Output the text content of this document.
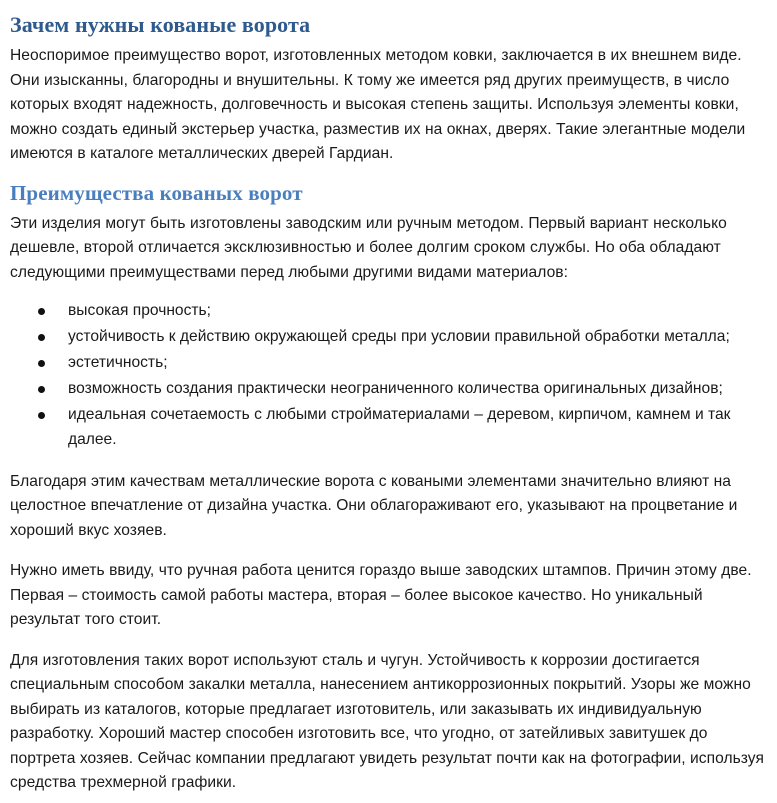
Зачем нужны кованые ворота

Неоспоримое преимущество ворот, изготовленных методом ковки, заключается в их внешнем виде. Они изысканны, благородны и внушительны. К тому же имеется ряд других преимуществ, в число которых входят надежность, долговечность и высокая степень защиты. Используя элементы ковки, можно создать единый экстерьер участка, разместив их на окнах, дверях. Такие элегантные модели имеются в каталоге металлических дверей Гардиан.

Преимущества кованых ворот

Эти изделия могут быть изготовлены заводским или ручным методом. Первый вариант несколько дешевле, второй отличается эксклюзивностью и более долгим сроком службы. Но оба обладают следующими преимуществами перед любыми другими видами материалов:

высокая прочность;
устойчивость к действию окружающей среды при условии правильной обработки металла;
эстетичность;
возможность создания практически неограниченного количества оригинальных дизайнов;
идеальная сочетаемость с любыми стройматериалами – деревом, кирпичом, камнем и так далее.

Благодаря этим качествам металлические ворота с коваными элементами значительно влияют на целостное впечатление от дизайна участка. Они облагораживают его, указывают на процветание и хороший вкус хозяев.

Нужно иметь ввиду, что ручная работа ценится гораздо выше заводских штампов. Причин этому две. Первая – стоимость самой работы мастера, вторая – более высокое качество. Но уникальный результат того стоит.

Для изготовления таких ворот используют сталь и чугун. Устойчивость к коррозии достигается специальным способом закалки металла, нанесением антикоррозионных покрытий. Узоры же можно выбирать из каталогов, которые предлагает изготовитель, или заказывать их индивидуальную разработку. Хороший мастер способен изготовить все, что угодно, от затейливых завитушек до портрета хозяев. Сейчас компании предлагают увидеть результат почти как на фотографии, используя средства трехмерной графики.
